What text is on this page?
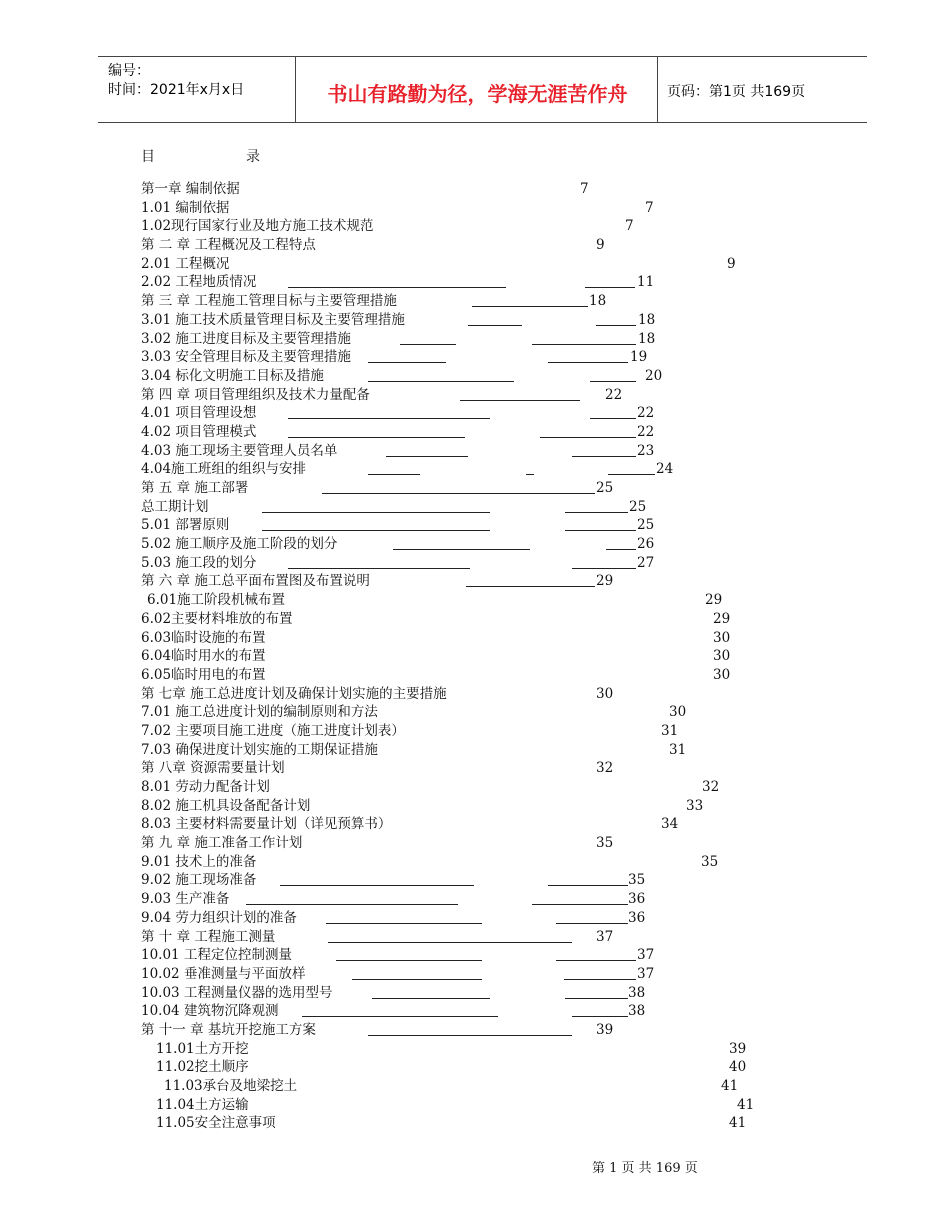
编号：
时间：2021年x月x日	书山有路勤为径，学海无涯苦作舟	页码：第1页 共169页
目	录
第一章 编制依据	7
1.01 编制依据	7
1.02现行国家行业及地方施工技术规范	7
第 二 章 工程概况及工程特点	9
2.01 工程概况	9
2.02 工程地质情况	11
第 三 章 工程施工管理目标与主要管理措施	18
3.01 施工技术质量管理目标及主要管理措施	18
3.02 施工进度目标及主要管理措施	18
3.03 安全管理目标及主要管理措施	19
3.04 标化文明施工目标及措施	20
第 四 章 项目管理组织及技术力量配备	22
4.01 项目管理设想	22
4.02 项目管理模式	22
4.03 施工现场主要管理人员名单	23
4.04施工班组的组织与安排	24
第 五 章 施工部署	25
总工期计划	25
5.01 部署原则	25
5.02 施工顺序及施工阶段的划分	26
5.03 施工段的划分	27
第 六 章 施工总平面布置图及布置说明	29
6.01施工阶段机械布置	29
6.02主要材料堆放的布置	29
6.03临时设施的布置	30
6.04临时用水的布置	30
6.05临时用电的布置	30
第 七章 施工总进度计划及确保计划实施的主要措施	30
7.01 施工总进度计划的编制原则和方法	30
7.02 主要项目施工进度（施工进度计划表）	31
7.03 确保进度计划实施的工期保证措施	31
第 八章 资源需要量计划	32
8.01 劳动力配备计划	32
8.02 施工机具设备配备计划	33
8.03 主要材料需要量计划（详见预算书）	34
第 九 章 施工准备工作计划	35
9.01 技术上的准备	35
9.02 施工现场准备	35
9.03 生产准备	36
9.04 劳力组织计划的准备	36
第 十 章 工程施工测量	37
10.01 工程定位控制测量	37
10.02 垂准测量与平面放样	37
10.03 工程测量仪器的选用型号	38
10.04 建筑物沉降观测	38
第 十一 章 基坑开挖施工方案	39
11.01土方开挖	39
11.02挖土顺序	40
11.03承台及地梁挖土	41
11.04土方运输	41
11.05安全注意事项	41
第 1 页 共 169 页
